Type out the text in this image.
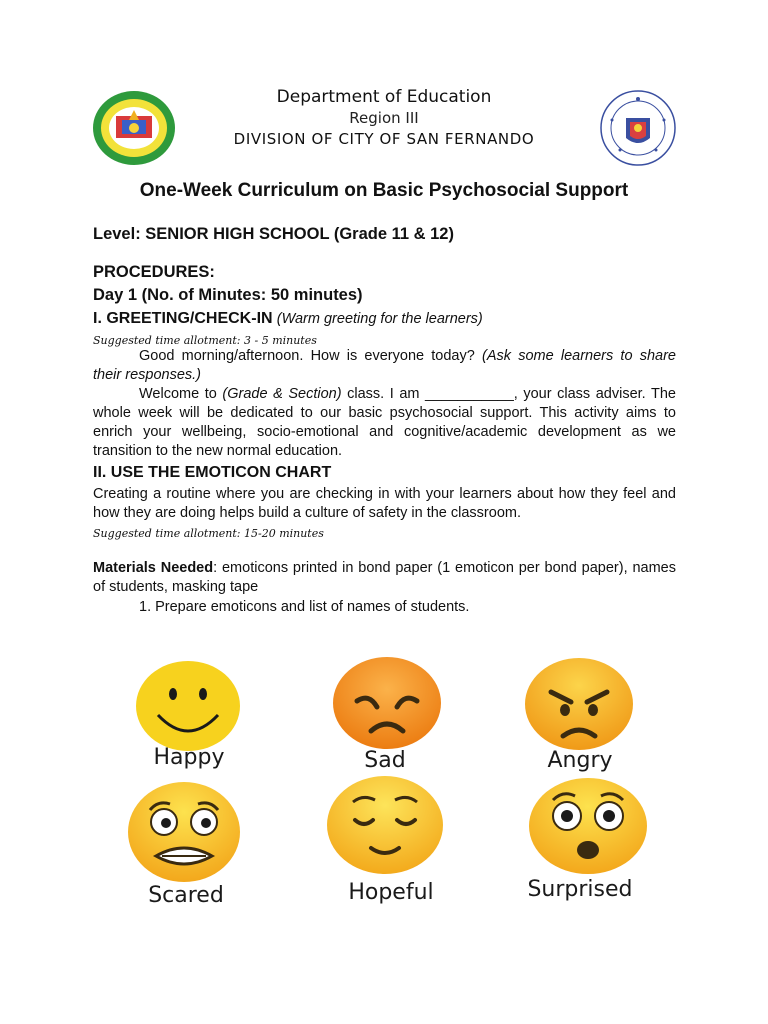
Department of Education
Region III
DIVISION OF CITY OF SAN FERNANDO
One-Week Curriculum on Basic Psychosocial Support
Level: SENIOR HIGH SCHOOL (Grade 11 & 12)
PROCEDURES:
Day 1 (No. of Minutes: 50 minutes)
I. GREETING/CHECK-IN (Warm greeting for the learners)
Suggested time allotment: 3 - 5 minutes
Good morning/afternoon. How is everyone today? (Ask some learners to share their responses.)
Welcome to (Grade & Section) class. I am ___________, your class adviser. The whole week will be dedicated to our basic psychosocial support. This activity aims to enrich your wellbeing, socio-emotional and cognitive/academic development as we transition to the new normal education.
II. USE THE EMOTICON CHART
Creating a routine where you are checking in with your learners about how they feel and how they are doing helps build a culture of safety in the classroom.
Suggested time allotment: 15-20 minutes
Materials Needed: emoticons printed in bond paper (1 emoticon per bond paper), names of students, masking tape
1. Prepare emoticons and list of names of students.
Happy	Sad	Angry
Scared	Hopeful	Surprised
